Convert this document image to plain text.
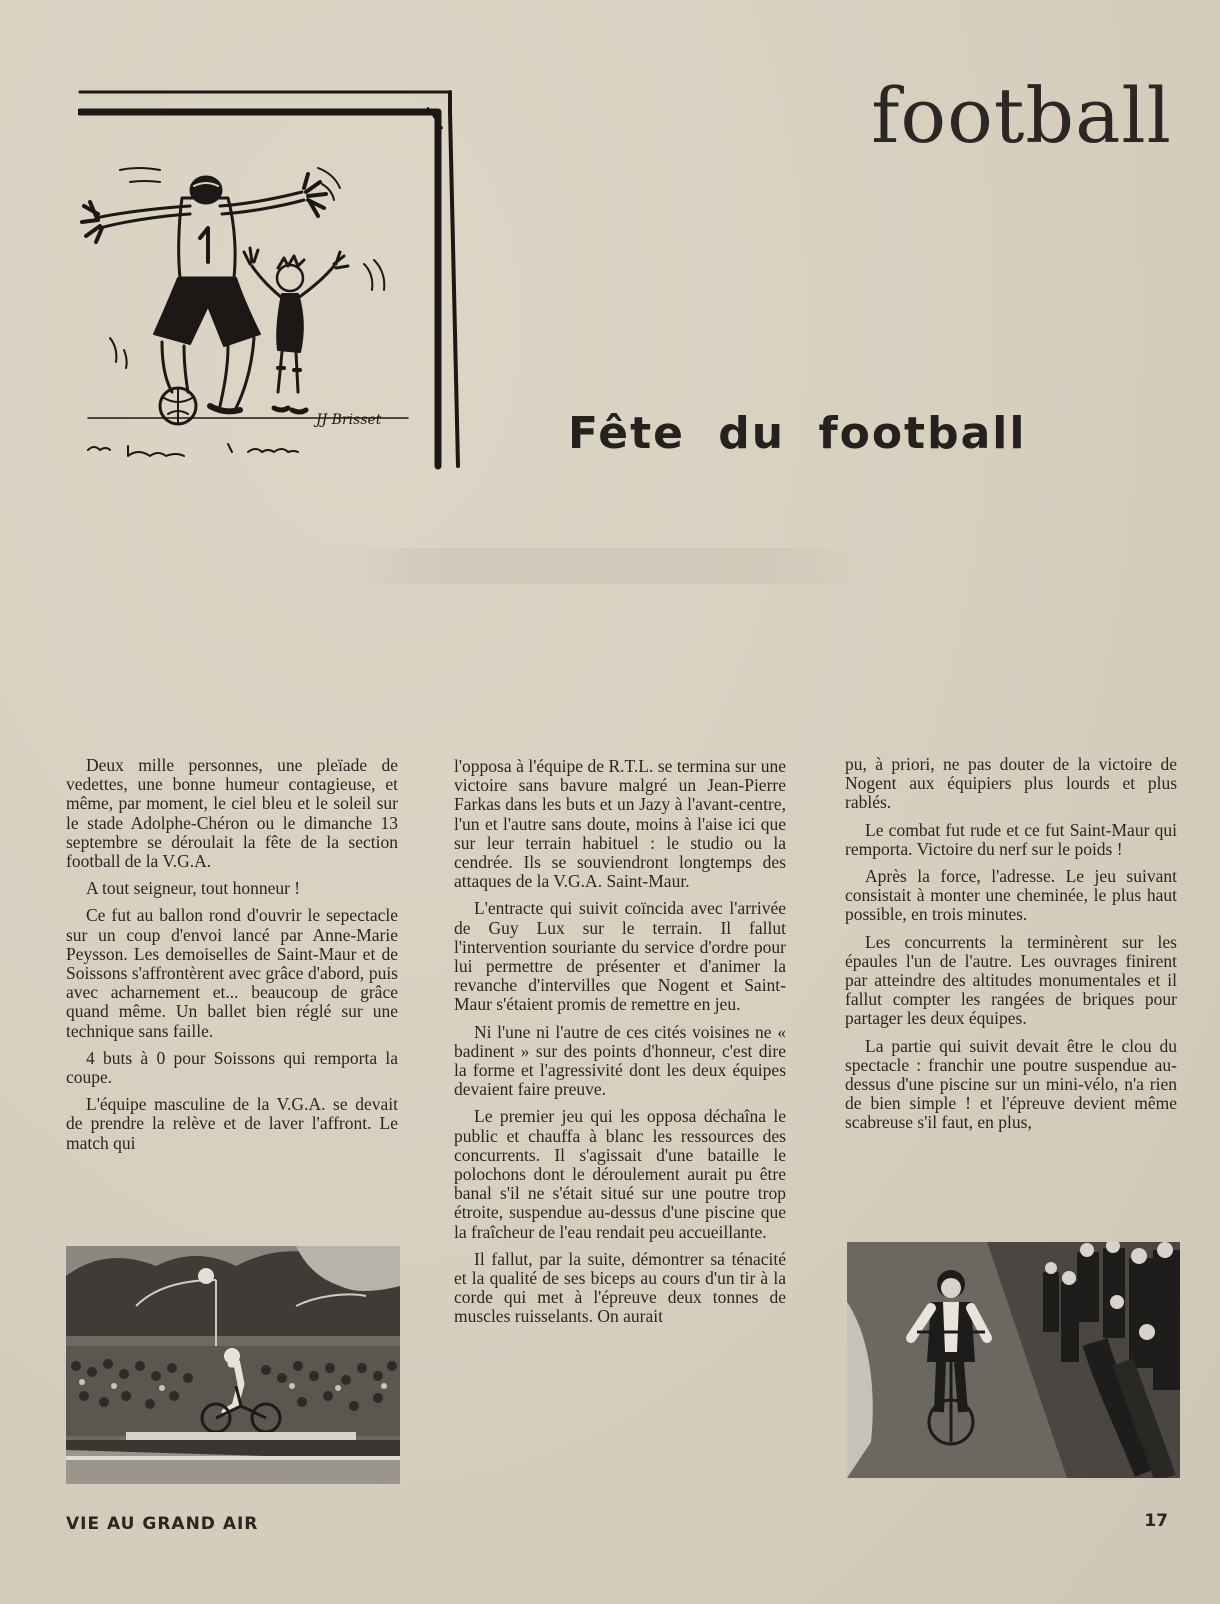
football
JJ Brisset	Fête du football

Deux mille personnes, une pleïade de vedettes, une bonne humeur contagieuse, et même, par moment, le ciel bleu et le soleil sur le stade Adolphe-Chéron ou le dimanche 13 septembre se déroulait la fête de la section football de la V.G.A.

A tout seigneur, tout honneur !

Ce fut au ballon rond d'ouvrir le sepectacle sur un coup d'envoi lancé par Anne-Marie Peysson. Les demoiselles de Saint-Maur et de Soissons s'affrontèrent avec grâce d'abord, puis avec acharnement et... beaucoup de grâce quand même. Un ballet bien réglé sur une technique sans faille.

4 buts à 0 pour Soissons qui remporta la coupe.

L'équipe masculine de la V.G.A. se devait de prendre la relève et de laver l'affront. Le match qui

l'opposa à l'équipe de R.T.L. se termina sur une victoire sans bavure malgré un Jean-Pierre Farkas dans les buts et un Jazy à l'avant-centre, l'un et l'autre sans doute, moins à l'aise ici que sur leur terrain habituel : le studio ou la cendrée. Ils se souviendront longtemps des attaques de la V.G.A. Saint-Maur.

L'entracte qui suivit coïncida avec l'arrivée de Guy Lux sur le terrain. Il fallut l'intervention souriante du service d'ordre pour lui permettre de présenter et d'animer la revanche d'intervilles que Nogent et Saint-Maur s'étaient promis de remettre en jeu.

Ni l'une ni l'autre de ces cités voisines ne « badinent » sur des points d'honneur, c'est dire la forme et l'agressivité dont les deux équipes devaient faire preuve.

Le premier jeu qui les opposa déchaîna le public et chauffa à blanc les ressources des concurrents. Il s'agissait d'une bataille le polochons dont le déroulement aurait pu être banal s'il ne s'était situé sur une poutre trop étroite, suspendue au-dessus d'une piscine que la fraîcheur de l'eau rendait peu accueillante.

Il fallut, par la suite, démontrer sa ténacité et la qualité de ses biceps au cours d'un tir à la corde qui met à l'épreuve deux tonnes de muscles ruisselants. On aurait

pu, à priori, ne pas douter de la victoire de Nogent aux équipiers plus lourds et plus rablés.

Le combat fut rude et ce fut Saint-Maur qui remporta. Victoire du nerf sur le poids !

Après la force, l'adresse. Le jeu suivant consistait à monter une cheminée, le plus haut possible, en trois minutes.

Les concurrents la terminèrent sur les épaules l'un de l'autre. Les ouvrages finirent par atteindre des altitudes monumentales et il fallut compter les rangées de briques pour partager les deux équipes.

La partie qui suivit devait être le clou du spectacle : franchir une poutre suspendue au-dessus d'une piscine sur un mini-vélo, n'a rien de bien simple ! et l'épreuve devient même scabreuse s'il faut, en plus,

VIE AU GRAND AIR	17
